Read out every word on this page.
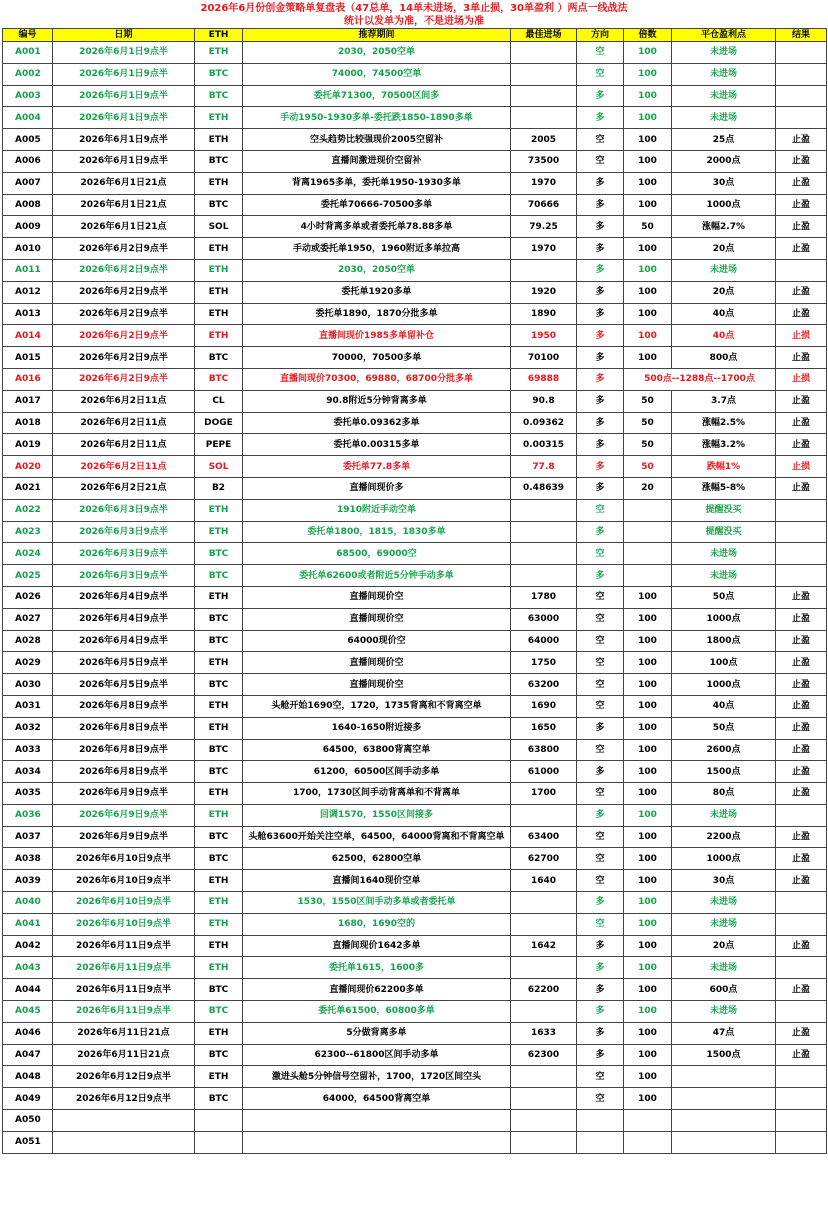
2026年6月份创金策略单复盘表（47总单，14单未进场，3单止损，30单盈利 ）两点一线战法
统计以发单为准，不是进场为准
编号	日期	ETH	推荐期间	最佳进场	方向	倍数	平仓盈利点	结果
A001	2026年6月1日9点半	ETH	2030，2050空单		空	100	未进场	
A002	2026年6月1日9点半	BTC	74000，74500空单		空	100	未进场	
A003	2026年6月1日9点半	BTC	委托单71300，70500区间多		多	100	未进场	
A004	2026年6月1日9点半	ETH	手动1950-1930多单-委托跌1850-1890多单		多	100	未进场	
A005	2026年6月1日9点半	ETH	空头趋势比较强现价2005空留补	2005	空	100	25点	止盈
A006	2026年6月1日9点半	BTC	直播间激进现价空留补	73500	空	100	2000点	止盈
A007	2026年6月1日21点	ETH	背离1965多单，委托单1950-1930多单	1970	多	100	30点	止盈
A008	2026年6月1日21点	BTC	委托单70666-70500多单	70666	多	100	1000点	止盈
A009	2026年6月1日21点	SOL	4小时背离多单或者委托单78.88多单	79.25	多	50	涨幅2.7%	止盈
A010	2026年6月2日9点半	ETH	手动或委托单1950，1960附近多单拉高	1970	多	100	20点	止盈
A011	2026年6月2日9点半	ETH	2030，2050空单		多	100	未进场	
A012	2026年6月2日9点半	ETH	委托单1920多单	1920	多	100	20点	止盈
A013	2026年6月2日9点半	ETH	委托单1890，1870分批多单	1890	多	100	40点	止盈
A014	2026年6月2日9点半	ETH	直播间现价1985多单留补仓	1950	多	100	40点	止损
A015	2026年6月2日9点半	BTC	70000，70500多单	70100	多	100	800点	止盈
A016	2026年6月2日9点半	BTC	直播间现价70300，69880，68700分批多单	69888	多	500点--1288点--1700点		止损
A017	2026年6月2日11点	CL	90.8附近5分钟背离多单	90.8	多	50	3.7点	止盈
A018	2026年6月2日11点	DOGE	委托单0.09362多单	0.09362	多	50	涨幅2.5%	止盈
A019	2026年6月2日11点	PEPE	委托单0.00315多单	0.00315	多	50	涨幅3.2%	止盈
A020	2026年6月2日11点	SOL	委托单77.8多单	77.8	多	50	跌幅1%	止损
A021	2026年6月2日21点	B2	直播间现价多	0.48639	多	20	涨幅5-8%	止盈
A022	2026年6月3日9点半	ETH	1910附近手动空单		空		提醒没买	
A023	2026年6月3日9点半	ETH	委托单1800，1815，1830多单		多		提醒没买	
A024	2026年6月3日9点半	BTC	68500，69000空		空		未进场	
A025	2026年6月3日9点半	BTC	委托单62600或者附近5分钟手动多单		多		未进场	
A026	2026年6月4日9点半	ETH	直播间现价空	1780	空	100	50点	止盈
A027	2026年6月4日9点半	BTC	直播间现价空	63000	空	100	1000点	止盈
A028	2026年6月4日9点半	BTC	64000现价空	64000	空	100	1800点	止盈
A029	2026年6月5日9点半	ETH	直播间现价空	1750	空	100	100点	止盈
A030	2026年6月5日9点半	BTC	直播间现价空	63200	空	100	1000点	止盈
A031	2026年6月8日9点半	ETH	头舱开始1690空，1720，1735背离和不背离空单	1690	空	100	40点	止盈
A032	2026年6月8日9点半	ETH	1640-1650附近接多	1650	多	100	50点	止盈
A033	2026年6月8日9点半	BTC	64500，63800背离空单	63800	空	100	2600点	止盈
A034	2026年6月8日9点半	BTC	61200，60500区间手动多单	61000	多	100	1500点	止盈
A035	2026年6月9日9点半	ETH	1700，1730区间手动背离单和不背离单	1700	空	100	80点	止盈
A036	2026年6月9日9点半	ETH	回调1570，1550区间接多		多	100	未进场	
A037	2026年6月9日9点半	BTC	头舱63600开始关注空单，64500，64000背离和不背离空单	63400	空	100	2200点	止盈
A038	2026年6月10日9点半	BTC	62500，62800空单	62700	空	100	1000点	止盈
A039	2026年6月10日9点半	ETH	直播间1640现价空单	1640	空	100	30点	止盈
A040	2026年6月10日9点半	ETH	1530，1550区间手动多单或者委托单		多	100	未进场	
A041	2026年6月10日9点半	ETH	1680，1690空的		空	100	未进场	
A042	2026年6月11日9点半	ETH	直播间现价1642多单	1642	多	100	20点	止盈
A043	2026年6月11日9点半	ETH	委托单1615，1600多		多	100	未进场	
A044	2026年6月11日9点半	BTC	直播间现价62200多单	62200	多	100	600点	止盈
A045	2026年6月11日9点半	BTC	委托单61500，60800多单		多	100	未进场	
A046	2026年6月11日21点	ETH	5分做背离多单	1633	多	100	47点	止盈
A047	2026年6月11日21点	BTC	62300--61800区间手动多单	62300	多	100	1500点	止盈
A048	2026年6月12日9点半	ETH	激进头舱5分钟信号空留补，1700，1720区间空头		空	100		
A049	2026年6月12日9点半	BTC	64000，64500背离空单		空	100		
A050								
A051								
